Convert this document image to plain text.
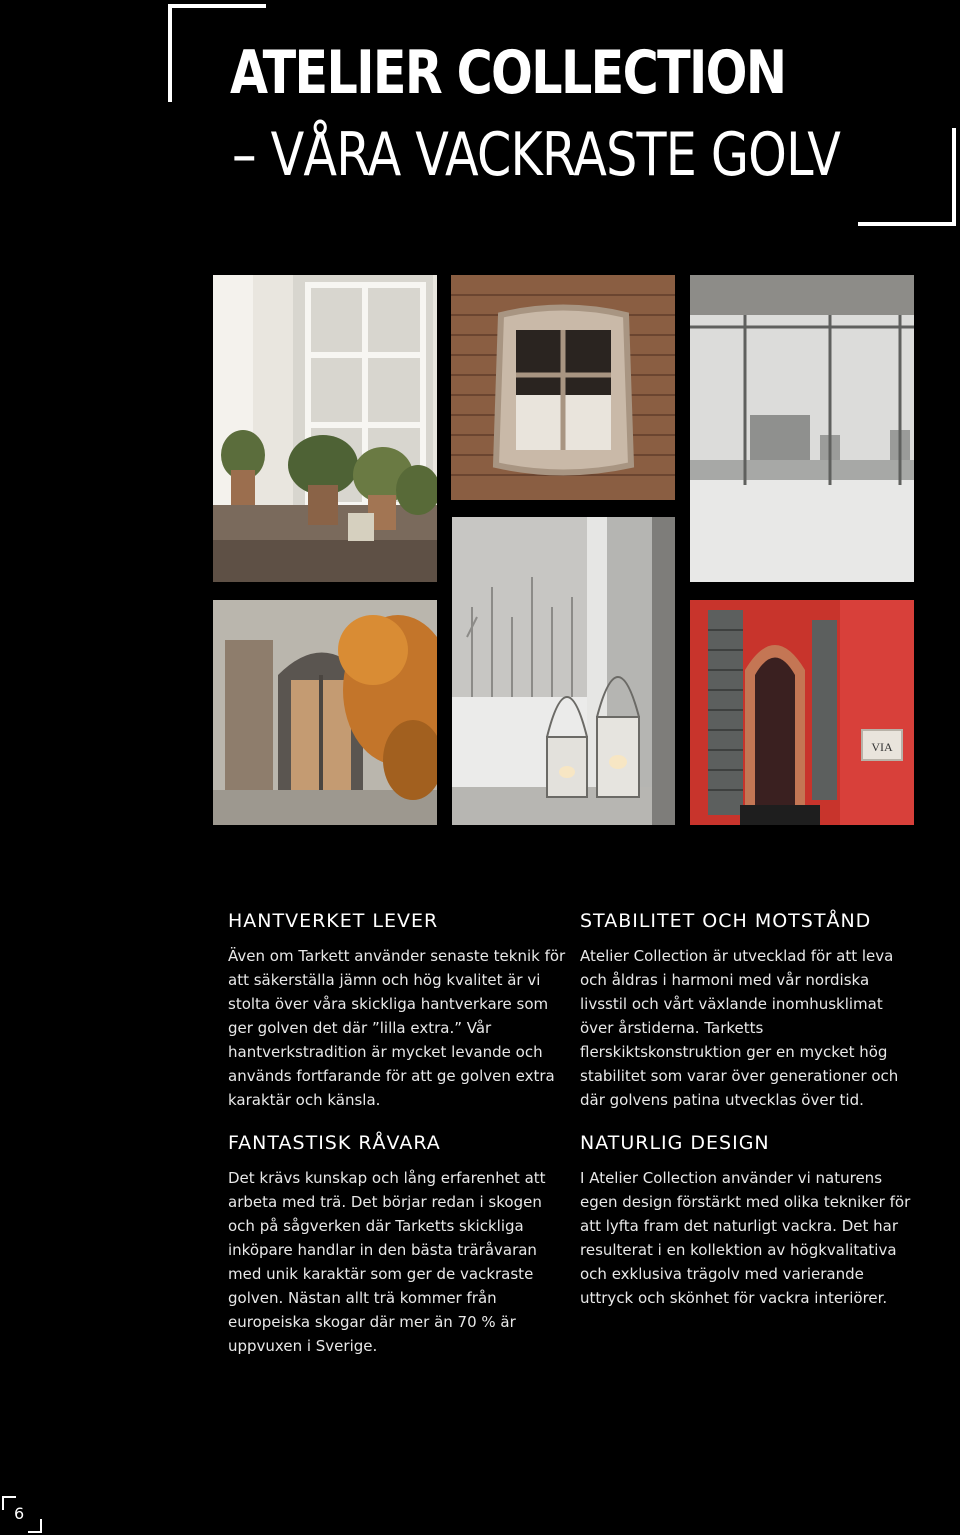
ATELIER COLLECTION
– VÅRA VACKRASTE GOLV
VIA

HANTVERKET LEVER

Även om Tarkett använder senaste teknik för att säkerställa jämn och hög kvalitet är vi stolta över våra skickliga hantverkare som ger golven det där ”lilla extra.” Vår hantverkstradition är mycket levande och används fortfarande för att ge golven extra karaktär och känsla.

FANTASTISK RÅVARA

Det krävs kunskap och lång erfarenhet att arbeta med trä. Det börjar redan i skogen och på sågverken där Tarketts skickliga inköpare handlar in den bästa träråvaran med unik karaktär som ger de vackraste golven. Nästan allt trä kommer från europeiska skogar där mer än 70 % är uppvuxen i Sverige.

STABILITET OCH MOTSTÅND

Atelier Collection är utvecklad för att leva och åldras i harmoni med vår nordiska livsstil och vårt växlande inomhusklimat över årstiderna. Tarketts flerskiktskonstruktion ger en mycket hög stabilitet som varar över generationer och där golvens patina utvecklas över tid.

NATURLIG DESIGN

I Atelier Collection använder vi naturens egen design förstärkt med olika tekniker för att lyfta fram det naturligt vackra. Det har resulterat i en kollektion av högkvalitativa och exklusiva trägolv med varierande uttryck och skönhet för vackra interiörer.

6
